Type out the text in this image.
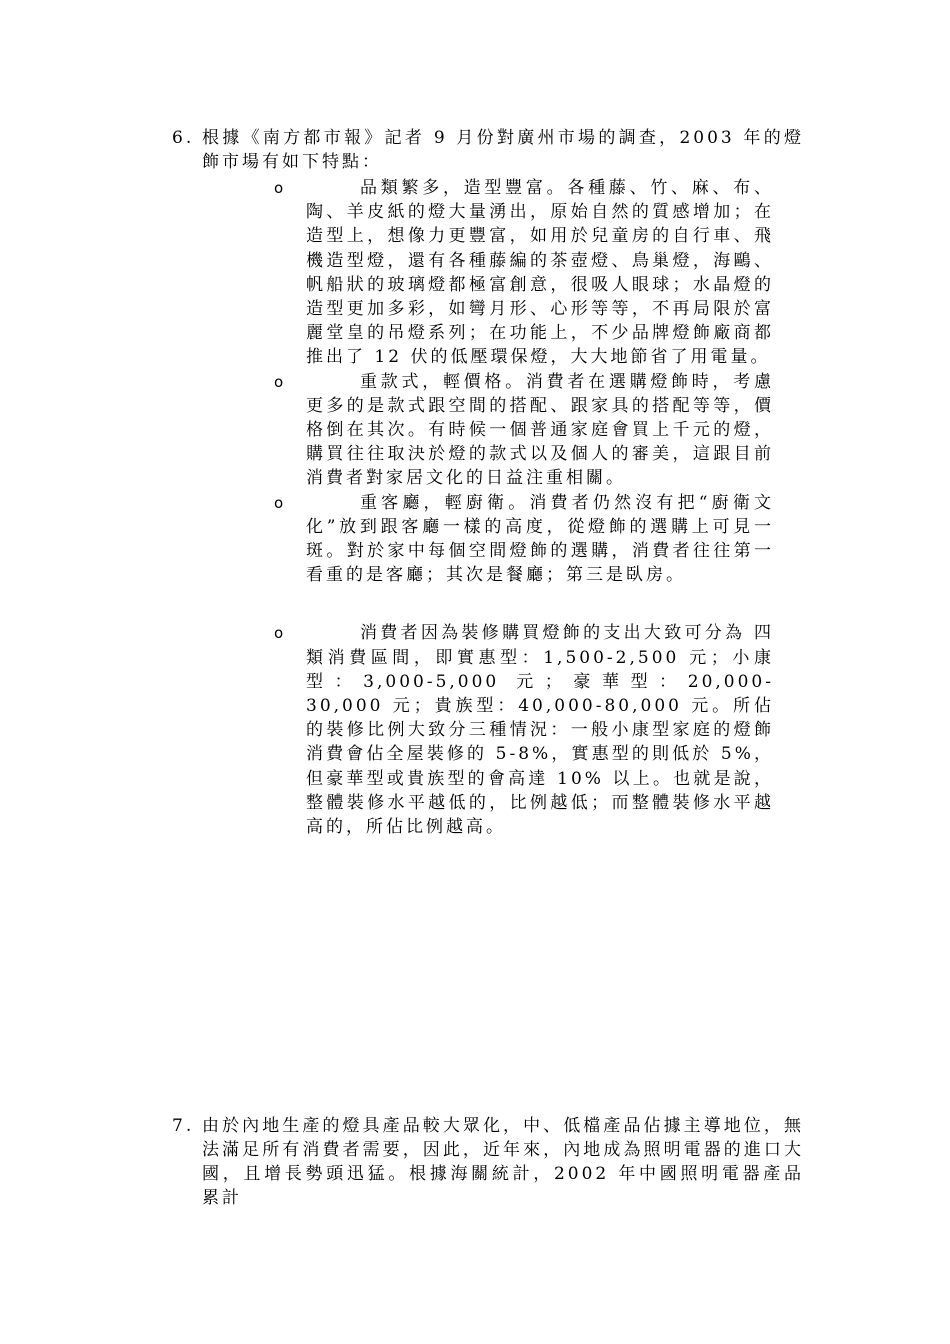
6. 根據《南方都市報》記者 9 月份對廣州市場的調查，2003 年的燈飾市場有如下特點：
o	品類繁多，造型豐富。各種藤、竹、麻、布、陶、羊皮紙的燈大量湧出，原始自然的質感增加；在造型上，想像力更豐富，如用於兒童房的自行車、飛機造型燈，還有各種藤編的茶壺燈、鳥巢燈，海鷗、帆船狀的玻璃燈都極富創意，很吸人眼球；水晶燈的造型更加多彩，如彎月形、心形等等，不再局限於富麗堂皇的吊燈系列；在功能上，不少品牌燈飾廠商都推出了 12 伏的低壓環保燈，大大地節省了用電量。
o	重款式，輕價格。消費者在選購燈飾時，考慮更多的是款式跟空間的搭配、跟家具的搭配等等，價格倒在其次。有時候一個普通家庭會買上千元的燈，購買往往取決於燈的款式以及個人的審美，這跟目前消費者對家居文化的日益注重相關。
o	重客廳，輕廚衛。消費者仍然沒有把“廚衛文化”放到跟客廳一樣的高度，從燈飾的選購上可見一斑。對於家中每個空間燈飾的選購，消費者往往第一看重的是客廳；其次是餐廳；第三是臥房。
o	消費者因為裝修購買燈飾的支出大致可分為 四類消費區間，即實惠型：1,500-2,500 元；小康型：3,000-5,000 元；豪華型：20,000-30,000 元；貴族型：40,000-80,000 元。所佔的裝修比例大致分三種情況：一般小康型家庭的燈飾消費會佔全屋裝修的 5-8%，實惠型的則低於 5%，但豪華型或貴族型的會高達 10% 以上。也就是說，整體裝修水平越低的，比例越低；而整體裝修水平越高的，所佔比例越高。
7. 由於內地生產的燈具產品較大眾化，中、低檔產品佔據主導地位，無法滿足所有消費者需要，因此，近年來，內地成為照明電器的進口大國，且增長勢頭迅猛。根據海關統計，2002 年中國照明電器產品累計
